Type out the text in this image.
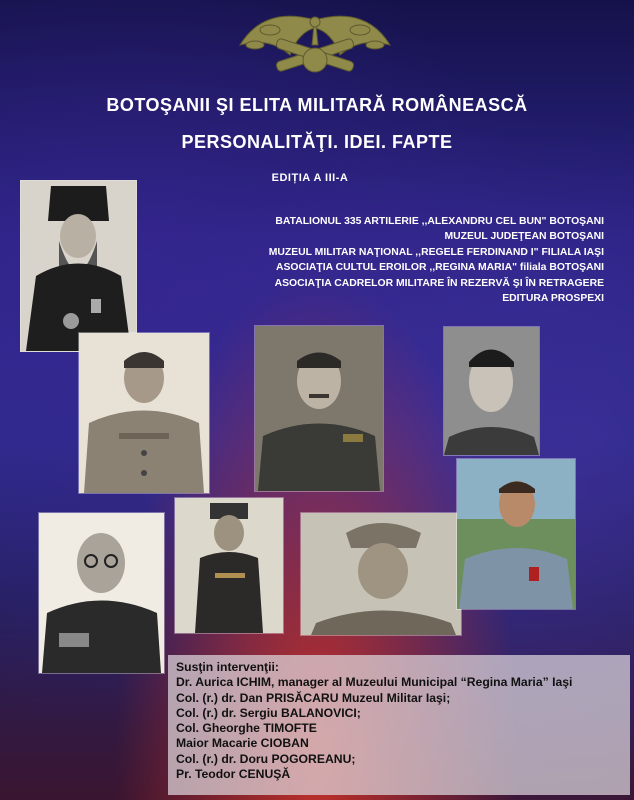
BOTOŞANII ŞI ELITA MILITARĂ ROMÂNEASCĂ
PERSONALITĂŢI. IDEI. FAPTE
EDIȚIA A III-A
BATALIONUL 335 ARTILERIE ,,ALEXANDRU CEL BUN" BOTOŞANI
MUZEUL JUDEŢEAN BOTOŞANI
MUZEUL MILITAR NAŢIONAL ,,REGELE FERDINAND I" FILIALA IAŞI
ASOCIAŢIA CULTUL EROILOR ,,REGINA MARIA" filiala BOTOŞANI
ASOCIAŢIA CADRELOR MILITARE ÎN REZERVĂ ŞI ÎN RETRAGERE
EDITURA PROSPEXI
Susţin intervenţii:
Dr. Aurica ICHIM, manager al Muzeului Municipal “Regina Maria” Iaşi
Col. (r.) dr. Dan PRISĂCARU Muzeul Militar Iaşi;
Col. (r.) dr. Sergiu BALANOVICI;
Col. Gheorghe TIMOFTE
Maior Macarie CIOBAN
Col. (r.) dr. Doru POGOREANU;
Pr. Teodor CENUŞĂ
